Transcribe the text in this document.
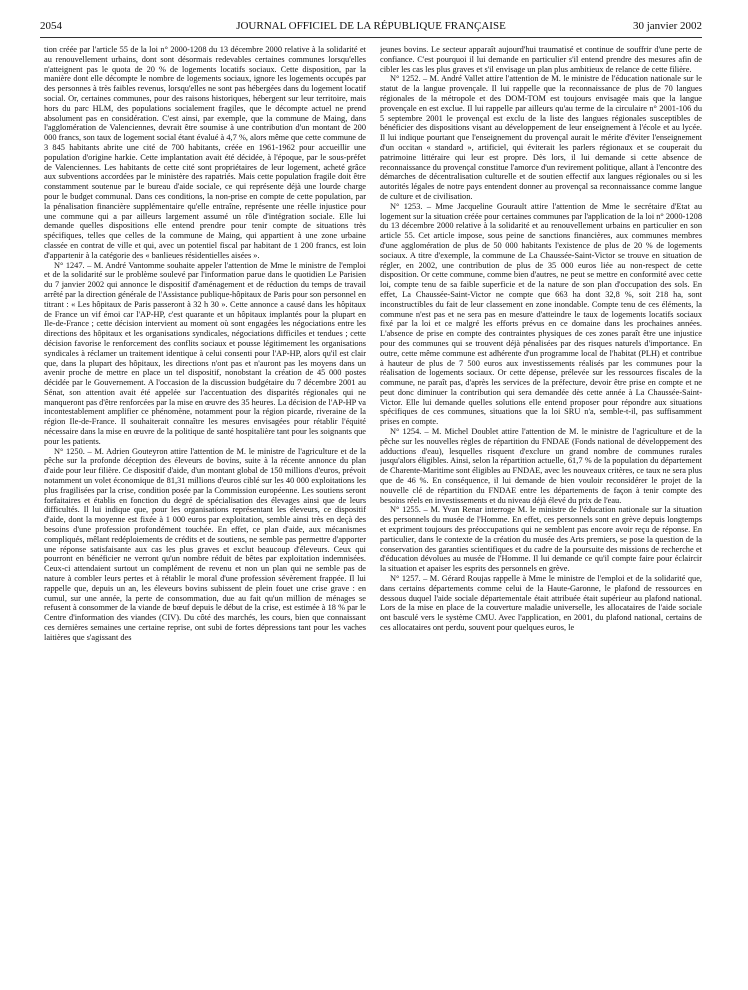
2054	JOURNAL OFFICIEL DE LA RÉPUBLIQUE FRANÇAISE	30 janvier 2002

tion créée par l'article 55 de la loi n° 2000-1208 du 13 décembre 2000 relative à la solidarité et au renouvellement urbains, dont sont désormais redevables certaines communes lorsqu'elles n'atteignent pas le quota de 20 % de logements locatifs sociaux. Cette disposition, par la manière dont elle décompte le nombre de logements sociaux, ignore les logements occupés par des personnes à très faibles revenus, lorsqu'elles ne sont pas hébergées dans du logement locatif social. Or, certaines communes, pour des raisons historiques, hébergent sur leur territoire, mais hors du parc HLM, des populations socialement fragiles, que le décompte actuel ne prend absolument pas en considération. C'est ainsi, par exemple, que la commune de Maing, dans l'agglomération de Valenciennes, devrait être soumise à une contribution d'un montant de 200 000 francs, son taux de logement social étant évalué à 4,7 %, alors même que cette commune de 3 845 habitants abrite une cité de 700 habitants, créée en 1961-1962 pour accueillir une population d'origine harkie. Cette implantation avait été décidée, à l'époque, par le sous-préfet de Valenciennes. Les habitants de cette cité sont propriétaires de leur logement, acheté grâce aux subventions accordées par le ministère des rapatriés. Mais cette population fragile doit être constamment soutenue par le bureau d'aide sociale, ce qui représente déjà une lourde charge pour le budget communal. Dans ces conditions, la non-prise en compte de cette population, par la pénalisation financière supplémentaire qu'elle entraîne, représente une réelle injustice pour une commune qui a par ailleurs largement assumé un rôle d'intégration sociale. Elle lui demande quelles dispositions elle entend prendre pour tenir compte de situations très spécifiques, telles que celles de la commune de Maing, qui appartient à une zone urbaine classée en contrat de ville et qui, avec un potentiel fiscal par habitant de 1 200 francs, est loin d'appartenir à la catégorie des « banlieues résidentielles aisées ».

N° 1247. – M. André Vantomme souhaite appeler l'attention de Mme le ministre de l'emploi et de la solidarité sur le problème soulevé par l'information parue dans le quotidien Le Parisien du 7 janvier 2002 qui annonce le dispositif d'aménagement et de réduction du temps de travail arrêté par la direction générale de l'Assistance publique-hôpitaux de Paris pour son personnel en titrant : « Les hôpitaux de Paris passeront à 32 h 30 ». Cette annonce a causé dans les hôpitaux de France un vif émoi car l'AP-HP, c'est quarante et un hôpitaux implantés pour la plupart en Ile-de-France ; cette décision intervient au moment où sont engagées les négociations entre les directions des hôpitaux et les organisations syndicales, négociations difficiles et tendues ; cette décision favorise le renforcement des conflits sociaux et pousse légitimement les organisations syndicales à réclamer un traitement identique à celui consenti pour l'AP-HP, alors qu'il est clair que, dans la plupart des hôpitaux, les directions n'ont pas et n'auront pas les moyens dans un avenir proche de mettre en place un tel dispositif, nonobstant la création de 45 000 postes décidée par le Gouvernement. A l'occasion de la discussion budgétaire du 7 décembre 2001 au Sénat, son attention avait été appelée sur l'accentuation des disparités régionales qui ne manqueront pas d'être renforcées par la mise en œuvre des 35 heures. La décision de l'AP-HP va incontestablement amplifier ce phénomène, notamment pour la région picarde, riveraine de la région Ile-de-France. Il souhaiterait connaître les mesures envisagées pour rétablir l'équité nécessaire dans la mise en œuvre de la politique de santé hospitalière tant pour les soignants que pour les patients.

N° 1250. – M. Adrien Gouteyron attire l'attention de M. le ministre de l'agriculture et de la pêche sur la profonde déception des éleveurs de bovins, suite à la récente annonce du plan d'aide pour leur filière. Ce dispositif d'aide, d'un montant global de 150 millions d'euros, prévoit notamment un volet économique de 81,31 millions d'euros ciblé sur les 40 000 exploitations les plus fragilisées par la crise, condition posée par la Commission européenne. Les soutiens seront forfaitaires et établis en fonction du degré de spécialisation des élevages ainsi que de leurs difficultés. Il lui indique que, pour les organisations représentant les éleveurs, ce dispositif d'aide, dont la moyenne est fixée à 1 000 euros par exploitation, semble ainsi très en deçà des besoins d'une profession profondément touchée. En effet, ce plan d'aide, aux mécanismes compliqués, mêlant redéploiements de crédits et de soutiens, ne semble pas permettre d'apporter une réponse satisfaisante aux cas les plus graves et exclut beaucoup d'éleveurs. Ceux qui pourront en bénéficier ne verront qu'un nombre réduit de bêtes par exploitation indemnisées. Ceux-ci attendaient surtout un complément de revenu et non un plan qui ne semble pas de nature à combler leurs pertes et à rétablir le moral d'une profession sévèrement frappée. Il lui rappelle que, depuis un an, les éleveurs bovins subissent de plein fouet une crise grave : en cumul, sur une année, la perte de consommation, due au fait qu'un million de ménages se refusent à consommer de la viande de bœuf depuis le début de la crise, est estimée à 18 % par le Centre d'information des viandes (CIV). Du côté des marchés, les cours, bien que connaissant ces dernières semaines une certaine reprise, ont subi de fortes dépressions tant pour les vaches laitières que s'agissant des

jeunes bovins. Le secteur apparaît aujourd'hui traumatisé et continue de souffrir d'une perte de confiance. C'est pourquoi il lui demande en particulier s'il entend prendre des mesures afin de cibler les cas les plus graves et s'il envisage un plan plus ambitieux de relance de cette filière.

N° 1252. – M. André Vallet attire l'attention de M. le ministre de l'éducation nationale sur le statut de la langue provençale. Il lui rappelle que la reconnaissance de plus de 70 langues régionales de la métropole et des DOM-TOM est toujours envisagée mais que la langue provençale en est exclue. Il lui rappelle par ailleurs qu'au terme de la circulaire n° 2001-106 du 5 septembre 2001 le provençal est exclu de la liste des langues régionales susceptibles de bénéficier des dispositions visant au développement de leur enseignement à l'école et au lycée. Il lui indique pourtant que l'enseignement du provençal aurait le mérite d'éviter l'enseignement d'un occitan « standard », artificiel, qui éviterait les parlers régionaux et se couperait du patrimoine littéraire qui leur est propre. Dès lors, il lui demande si cette absence de reconnaissance du provençal constitue l'amorce d'un revirement politique, allant à l'encontre des démarches de décentralisation culturelle et de soutien effectif aux langues régionales ou si les autorités légales de notre pays entendent donner au provençal sa reconnaissance comme langue de culture et de civilisation.

N° 1253. – Mme Jacqueline Gourault attire l'attention de Mme le secrétaire d'Etat au logement sur la situation créée pour certaines communes par l'application de la loi n° 2000-1208 du 13 décembre 2000 relative à la solidarité et au renouvellement urbains en particulier en son article 55. Cet article impose, sous peine de sanctions financières, aux communes membres d'une agglomération de plus de 50 000 habitants l'existence de plus de 20 % de logements sociaux. A titre d'exemple, la commune de La Chaussée-Saint-Victor se trouve en situation de régler, en 2002, une contribution de plus de 35 000 euros liée au non-respect de cette disposition. Or cette commune, comme bien d'autres, ne peut se mettre en conformité avec cette loi, compte tenu de sa faible superficie et de la nature de son plan d'occupation des sols. En effet, La Chaussée-Saint-Victor ne compte que 663 ha dont 32,8 %, soit 218 ha, sont inconstructibles du fait de leur classement en zone inondable. Compte tenu de ces éléments, la commune n'est pas et ne sera pas en mesure d'atteindre le taux de logements locatifs sociaux fixé par la loi et ce malgré les efforts prévus en ce domaine dans les prochaines années. L'absence de prise en compte des contraintes physiques de ces zones paraît être une injustice pour des communes qui se trouvent déjà pénalisées par des risques naturels d'importance. En outre, cette même commune est adhérente d'un programme local de l'habitat (PLH) et contribue à hauteur de plus de 7 500 euros aux investissements réalisés par les communes pour la réalisation de logements sociaux. Or cette dépense, prélevée sur les ressources fiscales de la commune, ne paraît pas, d'après les services de la préfecture, devoir être prise en compte et ne peut donc diminuer la contribution qui sera demandée dès cette année à La Chaussée-Saint-Victor. Elle lui demande quelles solutions elle entend proposer pour répondre aux situations spécifiques de ces communes, situations que la loi SRU n'a, semble-t-il, pas suffisamment prises en compte.

N° 1254. – M. Michel Doublet attire l'attention de M. le ministre de l'agriculture et de la pêche sur les nouvelles règles de répartition du FNDAE (Fonds national de développement des adductions d'eau), lesquelles risquent d'exclure un grand nombre de communes rurales jusqu'alors éligibles. Ainsi, selon la répartition actuelle, 61,7 % de la population du département de Charente-Maritime sont éligibles au FNDAE, avec les nouveaux critères, ce taux ne sera plus que de 46 %. En conséquence, il lui demande de bien vouloir reconsidérer le projet de la nouvelle clé de répartition du FNDAE entre les départements de façon à tenir compte des besoins réels en investissements et du niveau déjà élevé du prix de l'eau.

N° 1255. – M. Yvan Renar interroge M. le ministre de l'éducation nationale sur la situation des personnels du musée de l'Homme. En effet, ces personnels sont en grève depuis longtemps et expriment toujours des préoccupations qui ne semblent pas encore avoir reçu de réponse. En particulier, dans le contexte de la création du musée des Arts premiers, se pose la question de la conservation des garanties scientifiques et du cadre de la poursuite des missions de recherche et d'éducation dévolues au musée de l'Homme. Il lui demande ce qu'il compte faire pour éclaircir la situation et apaiser les esprits des personnels en grève.

N° 1257. – M. Gérard Roujas rappelle à Mme le ministre de l'emploi et de la solidarité que, dans certains départements comme celui de la Haute-Garonne, le plafond de ressources en dessous duquel l'aide sociale départementale était attribuée était supérieur au plafond national. Lors de la mise en place de la couverture maladie universelle, les allocataires de l'aide sociale ont basculé vers le système CMU. Avec l'application, en 2001, du plafond national, certains de ces allocataires ont perdu, souvent pour quelques euros, le
